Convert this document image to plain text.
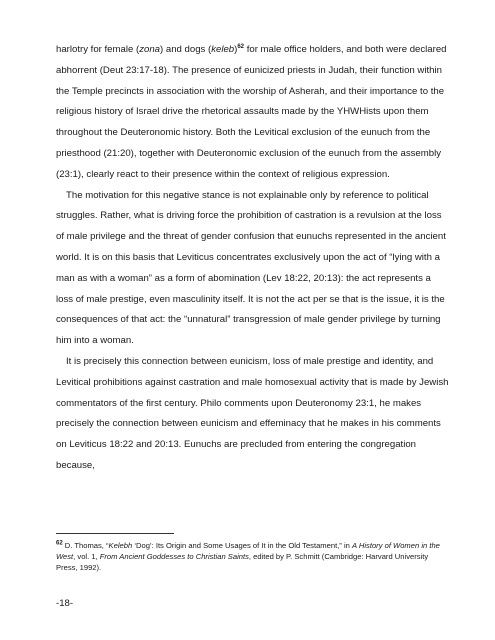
harlotry for female (zona) and dogs (keleb)$^{62}$ for male office holders, and both were declared abhorrent (Deut 23:17-18). The presence of eunicized priests in Judah, their function within the Temple precincts in association with the worship of Asherah, and their importance to the religious history of Israel drive the rhetorical assaults made by the YHWHists upon them throughout the Deuteronomic history. Both the Levitical exclusion of the eunuch from the priesthood (21:20), together with Deuteronomic exclusion of the eunuch from the assembly (23:1), clearly react to their presence within the context of religious expression.

The motivation for this negative stance is not explainable only by reference to political struggles. Rather, what is driving force the prohibition of castration is a revulsion at the loss of male privilege and the threat of gender confusion that eunuchs represented in the ancient world. It is on this basis that Leviticus concentrates exclusively upon the act of “lying with a man as with a woman” as a form of abomination (Lev 18:22, 20:13): the act represents a loss of male prestige, even masculinity itself. It is not the act per se that is the issue, it is the consequences of that act: the “unnatural” transgression of male gender privilege by turning him into a woman.

It is precisely this connection between eunicism, loss of male prestige and identity, and Levitical prohibitions against castration and male homosexual activity that is made by Jewish commentators of the first century. Philo comments upon Deuteronomy 23:1, he makes precisely the connection between eunicism and effeminacy that he makes in his comments on Leviticus 18:22 and 20:13. Eunuchs are precluded from entering the congregation because,

$^{62}$ D. Thomas, “Kelebh ‘Dog’: Its Origin and Some Usages of It in the Old Testament,” in A History of Women in the West, vol. 1, From Ancient Goddesses to Christian Saints, edited by P. Schmitt (Cambridge: Harvard University Press, 1992).

-18-
